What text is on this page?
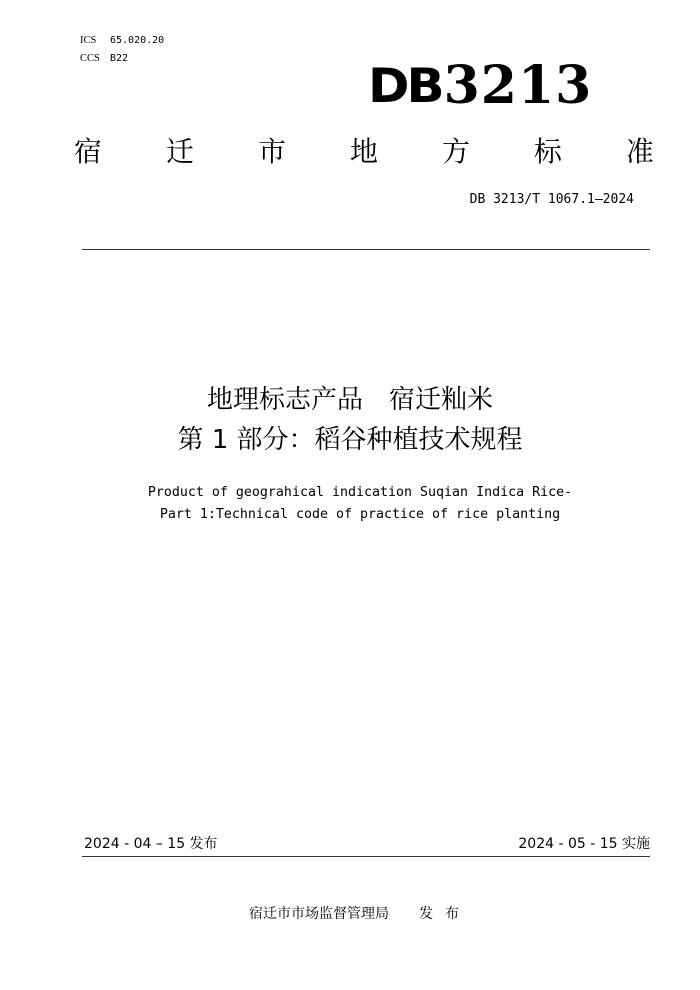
ICS 65.020.20
CCS B22	DB3213
宿 迁 市 地 方 标 准
DB 3213/T 1067.1—2024
地理标志产品　宿迁籼米
第 1 部分：稻谷种植技术规程
Product of geograhical indication Suqian Indica Rice-
Part 1:Technical code of practice of rice planting
2024 - 04 – 15 发布	2024 - 05 - 15 实施
宿迁市市场监督管理局 发布
